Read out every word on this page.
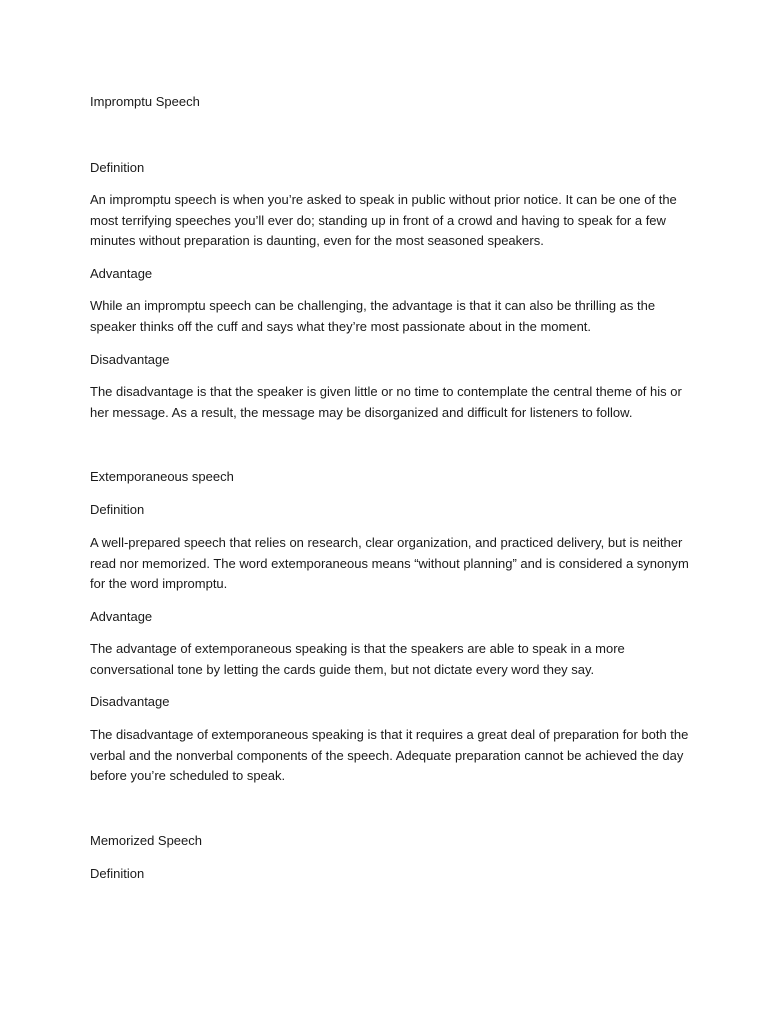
Impromptu Speech

Definition

An impromptu speech is when you’re asked to speak in public without prior notice. It can be one of the most terrifying speeches you’ll ever do; standing up in front of a crowd and having to speak for a few minutes without preparation is daunting, even for the most seasoned speakers.

Advantage

While an impromptu speech can be challenging, the advantage is that it can also be thrilling as the speaker thinks off the cuff and says what they’re most passionate about in the moment.

Disadvantage

The disadvantage is that the speaker is given little or no time to contemplate the central theme of his or her message. As a result, the message may be disorganized and difficult for listeners to follow.

Extemporaneous speech

Definition

A well-prepared speech that relies on research, clear organization, and practiced delivery, but is neither read nor memorized. The word extemporaneous means “without planning” and is considered a synonym for the word impromptu.

Advantage

The advantage of extemporaneous speaking is that the speakers are able to speak in a more conversational tone by letting the cards guide them, but not dictate every word they say.

Disadvantage

The disadvantage of extemporaneous speaking is that it requires a great deal of preparation for both the verbal and the nonverbal components of the speech. Adequate preparation cannot be achieved the day before you’re scheduled to speak.

Memorized Speech

Definition
